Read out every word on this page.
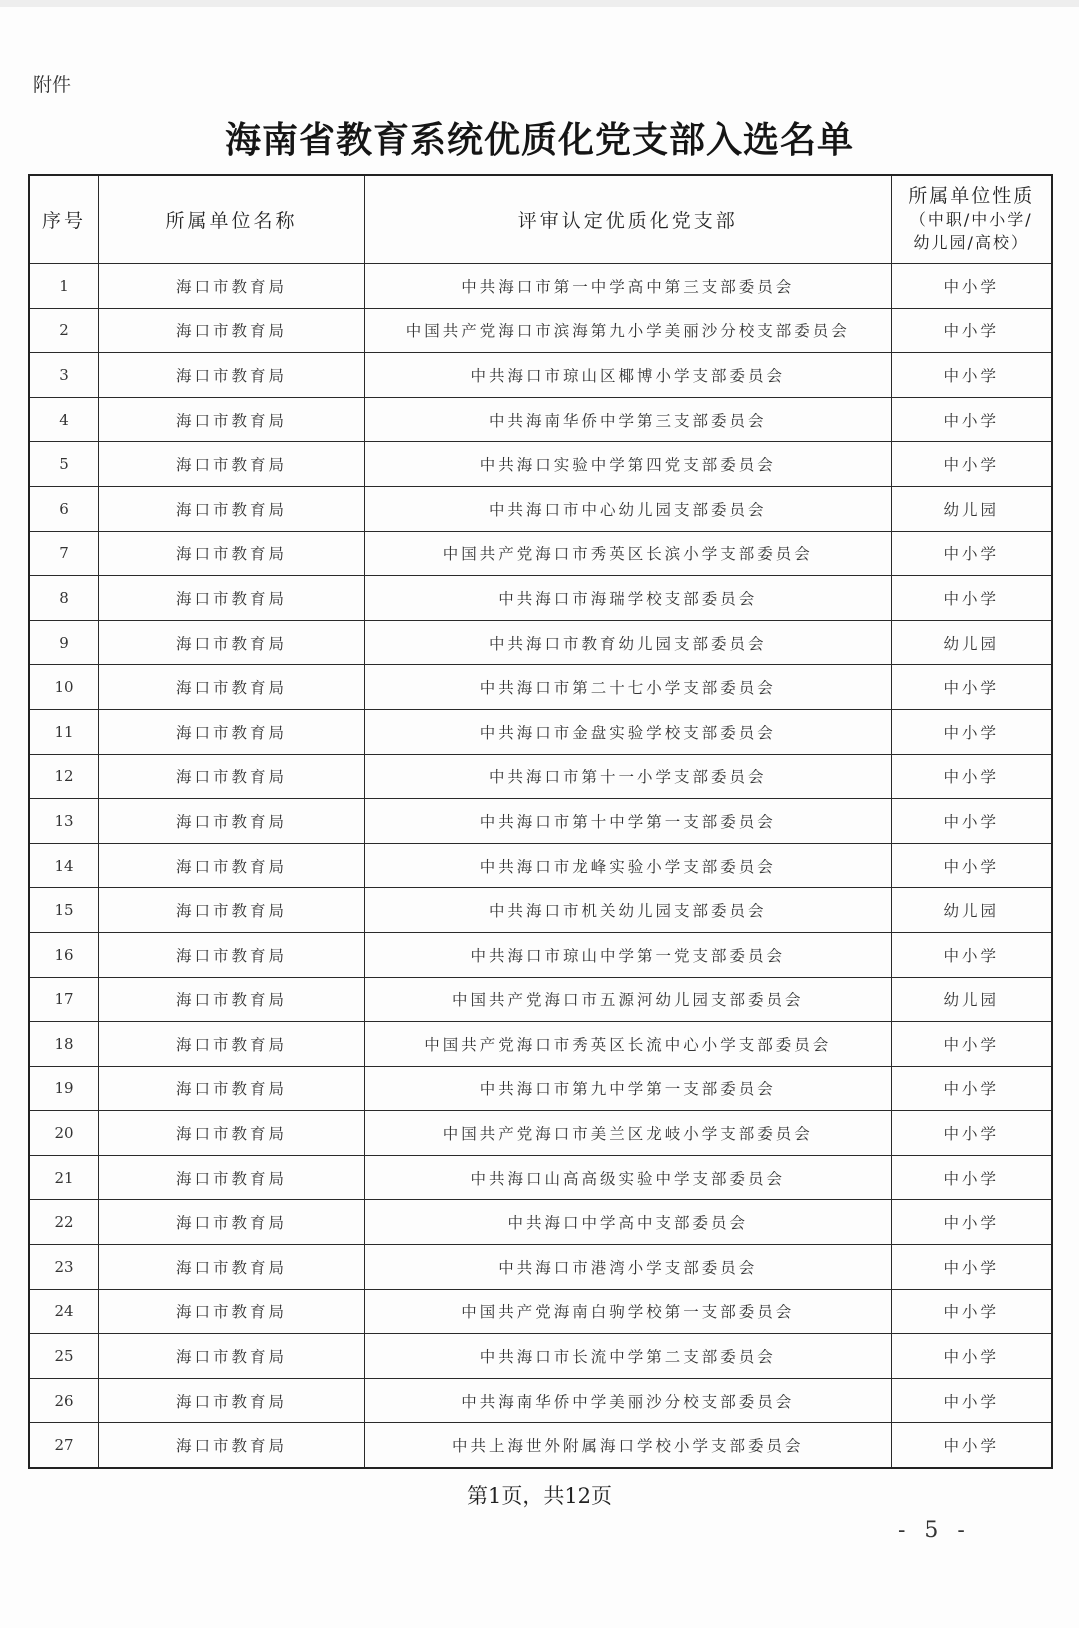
附件
海南省教育系统优质化党支部入选名单
序号	所属单位名称	评审认定优质化党支部	所属单位性质
（中职/中小学/
幼儿园/高校）

1	海口市教育局	中共海口市第一中学高中第三支部委员会	中小学
2	海口市教育局	中国共产党海口市滨海第九小学美丽沙分校支部委员会	中小学
3	海口市教育局	中共海口市琼山区椰博小学支部委员会	中小学
4	海口市教育局	中共海南华侨中学第三支部委员会	中小学
5	海口市教育局	中共海口实验中学第四党支部委员会	中小学
6	海口市教育局	中共海口市中心幼儿园支部委员会	幼儿园
7	海口市教育局	中国共产党海口市秀英区长滨小学支部委员会	中小学
8	海口市教育局	中共海口市海瑞学校支部委员会	中小学
9	海口市教育局	中共海口市教育幼儿园支部委员会	幼儿园
10	海口市教育局	中共海口市第二十七小学支部委员会	中小学
11	海口市教育局	中共海口市金盘实验学校支部委员会	中小学
12	海口市教育局	中共海口市第十一小学支部委员会	中小学
13	海口市教育局	中共海口市第十中学第一支部委员会	中小学
14	海口市教育局	中共海口市龙峰实验小学支部委员会	中小学
15	海口市教育局	中共海口市机关幼儿园支部委员会	幼儿园
16	海口市教育局	中共海口市琼山中学第一党支部委员会	中小学
17	海口市教育局	中国共产党海口市五源河幼儿园支部委员会	幼儿园
18	海口市教育局	中国共产党海口市秀英区长流中心小学支部委员会	中小学
19	海口市教育局	中共海口市第九中学第一支部委员会	中小学
20	海口市教育局	中国共产党海口市美兰区龙岐小学支部委员会	中小学
21	海口市教育局	中共海口山高高级实验中学支部委员会	中小学
22	海口市教育局	中共海口中学高中支部委员会	中小学
23	海口市教育局	中共海口市港湾小学支部委员会	中小学
24	海口市教育局	中国共产党海南白驹学校第一支部委员会	中小学
25	海口市教育局	中共海口市长流中学第二支部委员会	中小学
26	海口市教育局	中共海南华侨中学美丽沙分校支部委员会	中小学
27	海口市教育局	中共上海世外附属海口学校小学支部委员会	中小学
第1页，共12页
- 5 -
